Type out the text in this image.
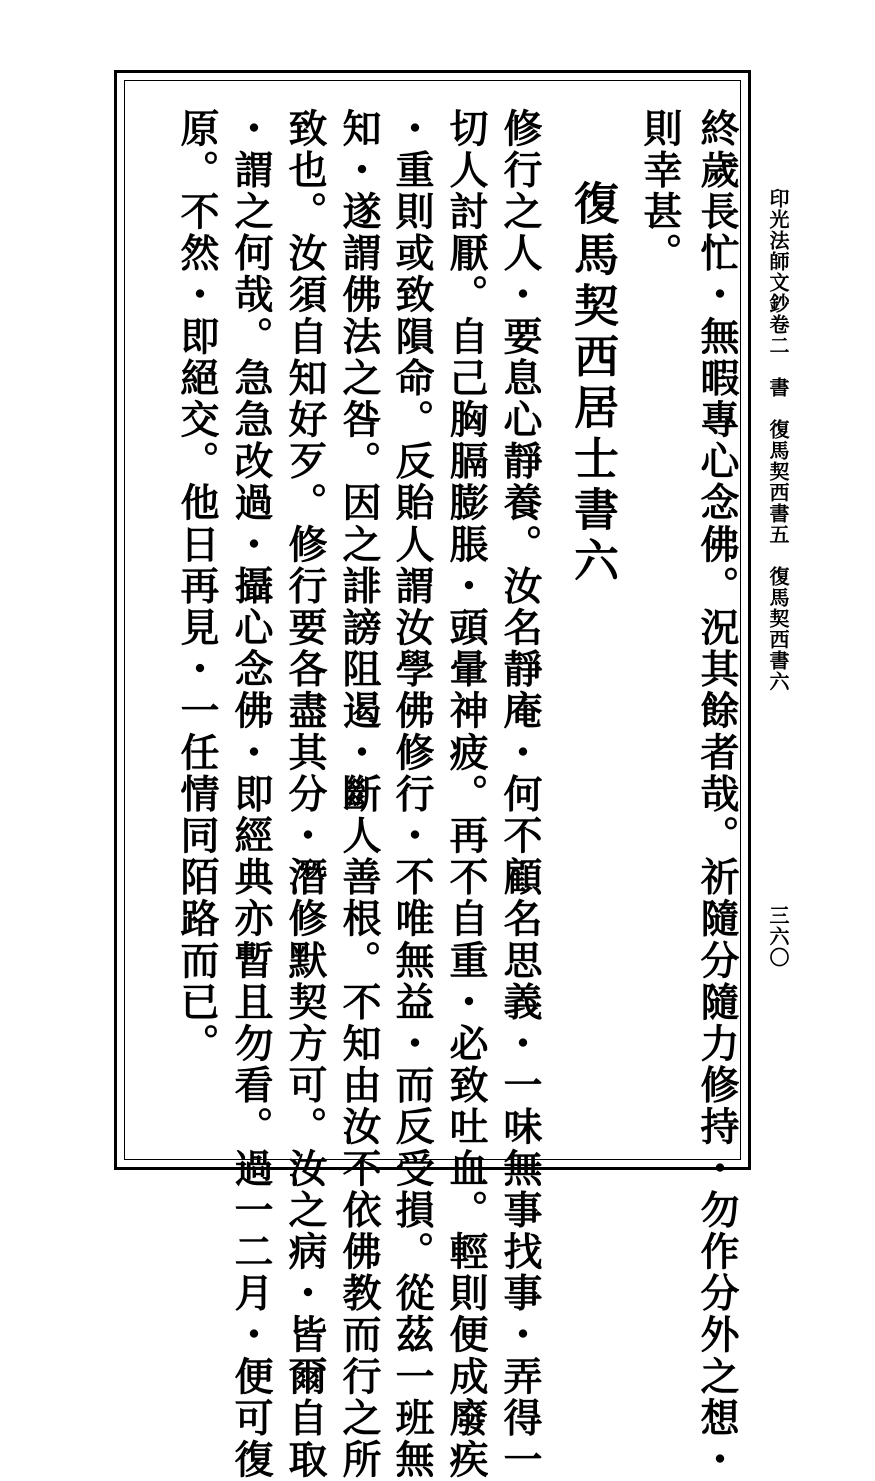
印光法師文鈔卷二　書　復馬契西書五　復馬契西書六
三六〇
終歲長忙・無暇專心念佛。況其餘者哉。祈隨分隨力修持・勿作分外之想・
則幸甚。
復馬契西居士書六
修行之人・要息心靜養。汝名靜庵・何不顧名思義・一味無事找事・弄得一
切人討厭。自己胸膈膨脹・頭暈神疲。再不自重・必致吐血。輕則便成廢疾
・重則或致隕命。反貽人謂汝學佛修行・不唯無益・而反受損。從茲一班無
知・遂謂佛法之咎。因之誹謗阻遏・斷人善根。不知由汝不依佛教而行之所
致也。汝須自知好歹。修行要各盡其分・潛修默契方可。汝之病・皆爾自取
・謂之何哉。急急改過・攝心念佛・即經典亦暫且勿看。過一二月・便可復
原。不然・即絕交。他日再見・一任情同陌路而已。
